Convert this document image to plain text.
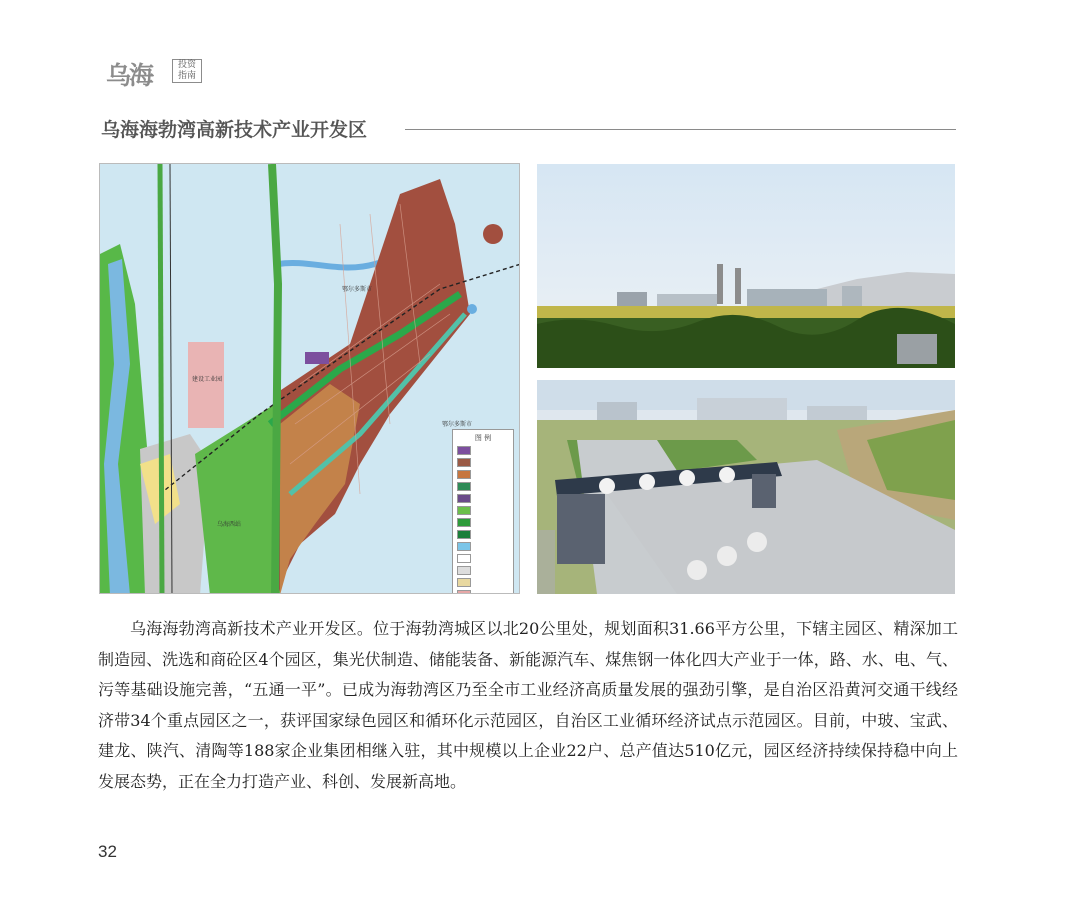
乌海	投资
指南
乌海海勃湾高新技术产业开发区
鄂尔多斯市
鄂尔多斯市
建设工业园
乌海西站
图 例

乌海海勃湾高新技术产业开发区。位于海勃湾城区以北20公里处，规划面积31.66平方公里，下辖主园区、精深加工制造园、洗选和商砼区4个园区，集光伏制造、储能装备、新能源汽车、煤焦钢一体化四大产业于一体，路、水、电、气、污等基础设施完善，“五通一平”。已成为海勃湾区乃至全市工业经济高质量发展的强劲引擎，是自治区沿黄河交通干线经济带34个重点园区之一，获评国家绿色园区和循环化示范园区，自治区工业循环经济试点示范园区。目前，中玻、宝武、建龙、陕汽、清陶等188家企业集团相继入驻，其中规模以上企业22户、总产值达510亿元，园区经济持续保持稳中向上发展态势，正在全力打造产业、科创、发展新高地。

32
